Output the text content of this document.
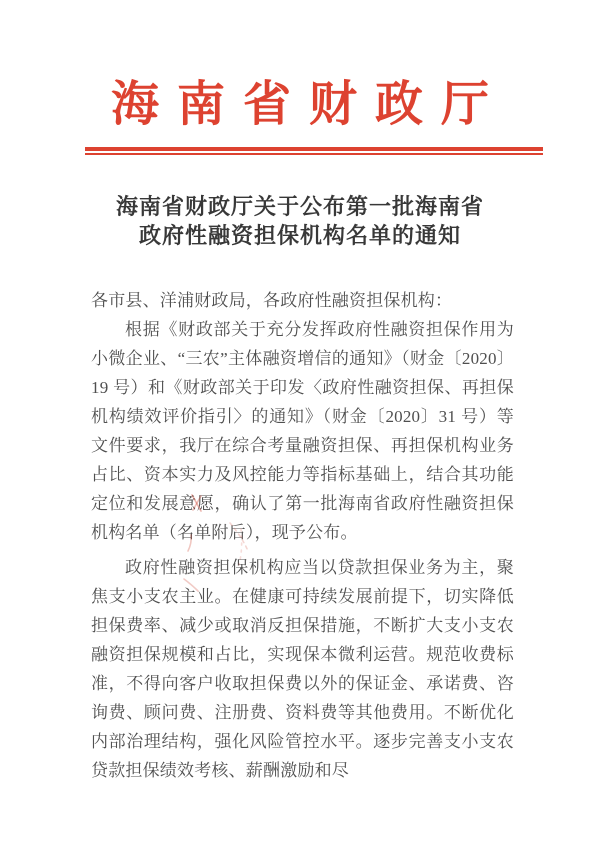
海南省财政厅
海南省财政厅关于公布第一批海南省
政府性融资担保机构名单的通知

各市县、洋浦财政局，各政府性融资担保机构：

根据《财政部关于充分发挥政府性融资担保作用为小微企业、“三农”主体融资增信的通知》（财金〔2020〕19 号）和《财政部关于印发〈政府性融资担保、再担保机构绩效评价指引〉的通知》（财金〔2020〕31 号）等文件要求，我厅在综合考量融资担保、再担保机构业务占比、资本实力及风控能力等指标基础上，结合其功能定位和发展意愿，确认了第一批海南省政府性融资担保机构名单（名单附后），现予公布。

政府性融资担保机构应当以贷款担保业务为主，聚焦支小支农主业。在健康可持续发展前提下，切实降低担保费率、减少或取消反担保措施，不断扩大支小支农融资担保规模和占比，实现保本微利运营。规范收费标准，不得向客户收取担保费以外的保证金、承诺费、咨询费、顾问费、注册费、资料费等其他费用。不断优化内部治理结构，强化风险管控水平。逐步完善支小支农贷款担保绩效考核、薪酬激励和尽
